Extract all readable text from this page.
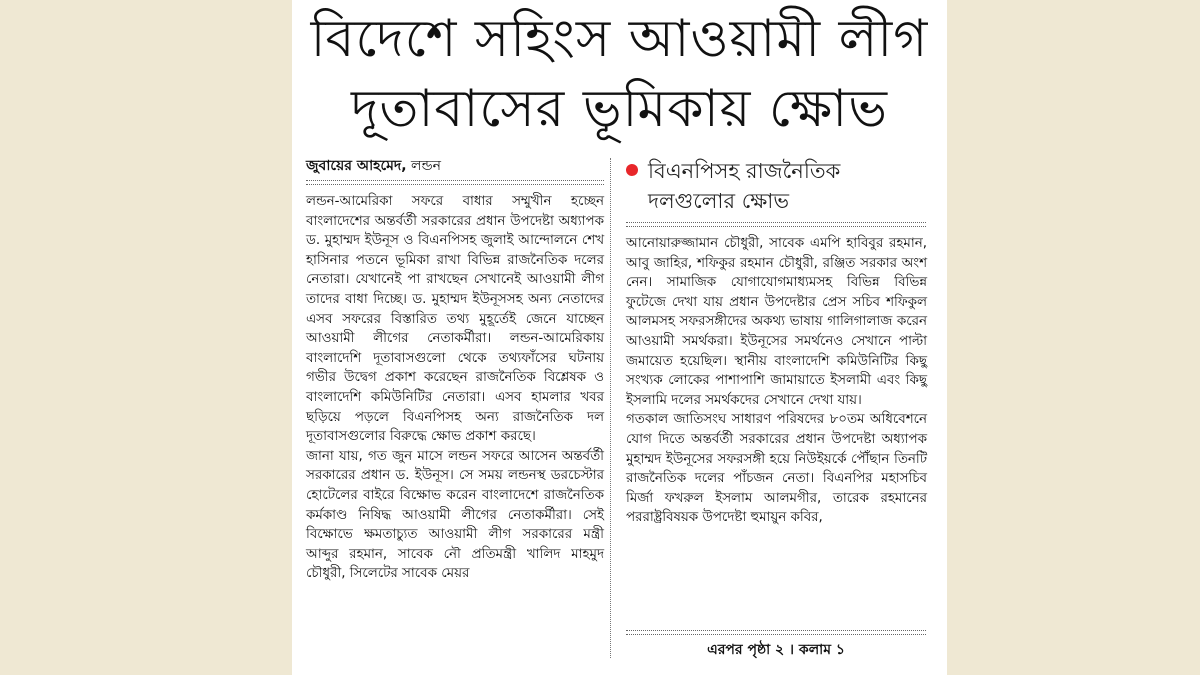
বিদেশে সহিংস আওয়ামী লীগ
দূতাবাসের ভূমিকায় ক্ষোভ
জুবায়ের আহমেদ, লন্ডন	বিএনপিসহ রাজনৈতিক
দলগুলোর ক্ষোভ

লন্ডন-আমেরিকা সফরে বাধার সম্মুখীন হচ্ছেন বাংলাদেশের অন্তর্বর্তী সরকারের প্রধান উপদেষ্টা অধ্যাপক ড. মুহাম্মদ ইউনূস ও বিএনপিসহ জুলাই আন্দোলনে শেখ হাসিনার পতনে ভূমিকা রাখা বিভিন্ন রাজনৈতিক দলের নেতারা। যেখানেই পা রাখছেন সেখানেই আওয়ামী লীগ তাদের বাধা দিচ্ছে। ড. মুহাম্মদ ইউনূসসহ অন্য নেতাদের এসব সফরের বিস্তারিত তথ্য মুহূর্তেই জেনে যাচ্ছেন আওয়ামী লীগের নেতাকর্মীরা। লন্ডন-আমেরিকায় বাংলাদেশি দূতাবাসগুলো থেকে তথ্যফাঁসের ঘটনায় গভীর উদ্বেগ প্রকাশ করেছেন রাজনৈতিক বিশ্লেষক ও বাংলাদেশি কমিউনিটির নেতারা। এসব হামলার খবর ছড়িয়ে পড়লে বিএনপিসহ অন্য রাজনৈতিক দল দূতাবাসগুলোর বিরুদ্ধে ক্ষোভ প্রকাশ করছে।

জানা যায়, গত জুন মাসে লন্ডন সফরে আসেন অন্তর্বর্তী সরকারের প্রধান ড. ইউনূস। সে সময় লন্ডনস্থ ডরচেস্টার হোটেলের বাইরে বিক্ষোভ করেন বাংলাদেশে রাজনৈতিক কর্মকাণ্ড নিষিদ্ধ আওয়ামী লীগের নেতাকর্মীরা। সেই বিক্ষোভে ক্ষমতাচ্যুত আওয়ামী লীগ সরকারের মন্ত্রী আব্দুর রহমান, সাবেক নৌ প্রতিমন্ত্রী খালিদ মাহমুদ চৌধুরী, সিলেটের সাবেক মেয়র

আনোয়ারুজ্জামান চৌধুরী, সাবেক এমপি হাবিবুর রহমান, আবু জাহির, শফিকুর রহমান চৌধুরী, রঞ্জিত সরকার অংশ নেন। সামাজিক যোগাযোগমাধ্যমসহ বিভিন্ন বিভিন্ন ফুটেজে দেখা যায় প্রধান উপদেষ্টার প্রেস সচিব শফিকুল আলমসহ সফরসঙ্গীদের অকথ্য ভাষায় গালিগালাজ করেন আওয়ামী সমর্থকরা। ইউনূসের সমর্থনেও সেখানে পাল্টা জমায়েত হয়েছিল। স্থানীয় বাংলাদেশি কমিউনিটির কিছু সংখ্যক লোকের পাশাপাশি জামায়াতে ইসলামী এবং কিছু ইসলামি দলের সমর্থকদের সেখানে দেখা যায়।

গতকাল জাতিসংঘ সাধারণ পরিষদের ৮০তম অধিবেশনে যোগ দিতে অন্তর্বর্তী সরকারের প্রধান উপদেষ্টা অধ্যাপক মুহাম্মদ ইউনূসের সফরসঙ্গী হয়ে নিউইয়র্কে পৌঁছান তিনটি রাজনৈতিক দলের পাঁচজন নেতা। বিএনপির মহাসচিব মির্জা ফখরুল ইসলাম আলমগীর, তারেক রহমানের পররাষ্ট্রবিষয়ক উপদেষ্টা হুমায়ুন কবির,

এরপর পৃষ্ঠা ২ । কলাম ১
